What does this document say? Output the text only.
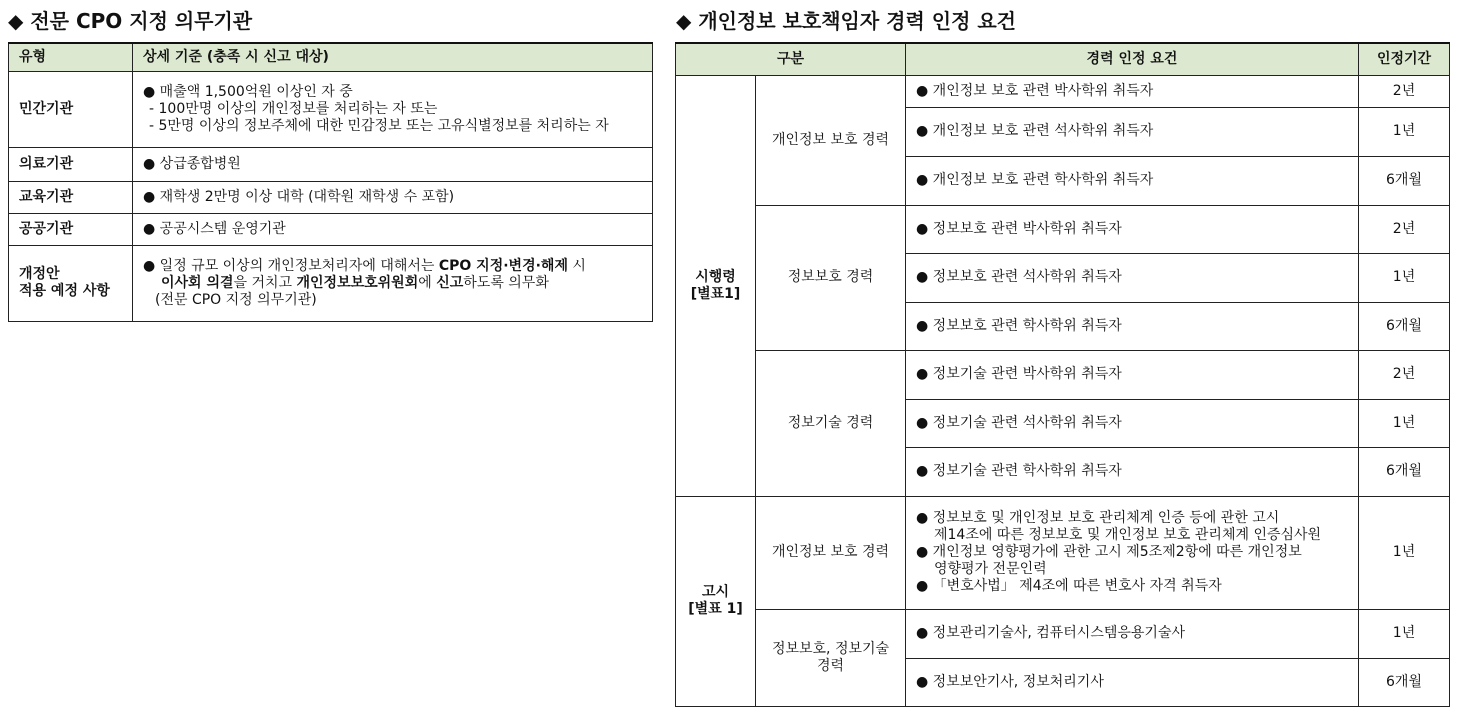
◆ 전문 CPO 지정 의무기관
유형	상세 기준 (충족 시 신고 대상)
민간기관	● 매출액 1,500억원 이상인 자 중
- 100만명 이상의 개인정보를 처리하는 자 또는
- 5만명 이상의 정보주체에 대한 민감정보 또는 고유식별정보를 처리하는 자

의료기관	● 상급종합병원
교육기관	● 재학생 2만명 이상 대학 (대학원 재학생 수 포함)
공공기관	● 공공시스템 운영기관

개정안
적용 예정 사항	● 일정 규모 이상의 개인정보처리자에 대해서는 CPO 지정·변경·해제 시
이사회 의결을 거치고 개인정보보호위원회에 신고하도록 의무화
(전문 CPO 지정 의무기관)
◆ 개인정보 보호책임자 경력 인정 요건
구분		경력 인정 요건	인정기간

시행령
[별표1]	개인정보 보호 경력	● 개인정보 보호 관련 박사학위 취득자	2년
		● 개인정보 보호 관련 석사학위 취득자	1년
		● 개인정보 보호 관련 학사학위 취득자	6개월
	정보보호 경력	● 정보보호 관련 박사학위 취득자	2년
		● 정보보호 관련 석사학위 취득자	1년
		● 정보보호 관련 학사학위 취득자	6개월
	정보기술 경력	● 정보기술 관련 박사학위 취득자	2년
		● 정보기술 관련 석사학위 취득자	1년
		● 정보기술 관련 학사학위 취득자	6개월

고시
[별표 1]	개인정보 보호 경력	● 정보보호 및 개인정보 보호 관리체계 인증 등에 관한 고시
제14조에 따른 정보보호 및 개인정보 보호 관리체계 인증심사원
● 개인정보 영향평가에 관한 고시 제5조제2항에 따른 개인정보
영향평가 전문인력
● 「변호사법」 제4조에 따른 변호사 자격 취득자	1년

	정보보호, 정보기술
경력	● 정보관리기술사, 컴퓨터시스템응용기술사	1년
		● 정보보안기사, 정보처리기사	6개월
